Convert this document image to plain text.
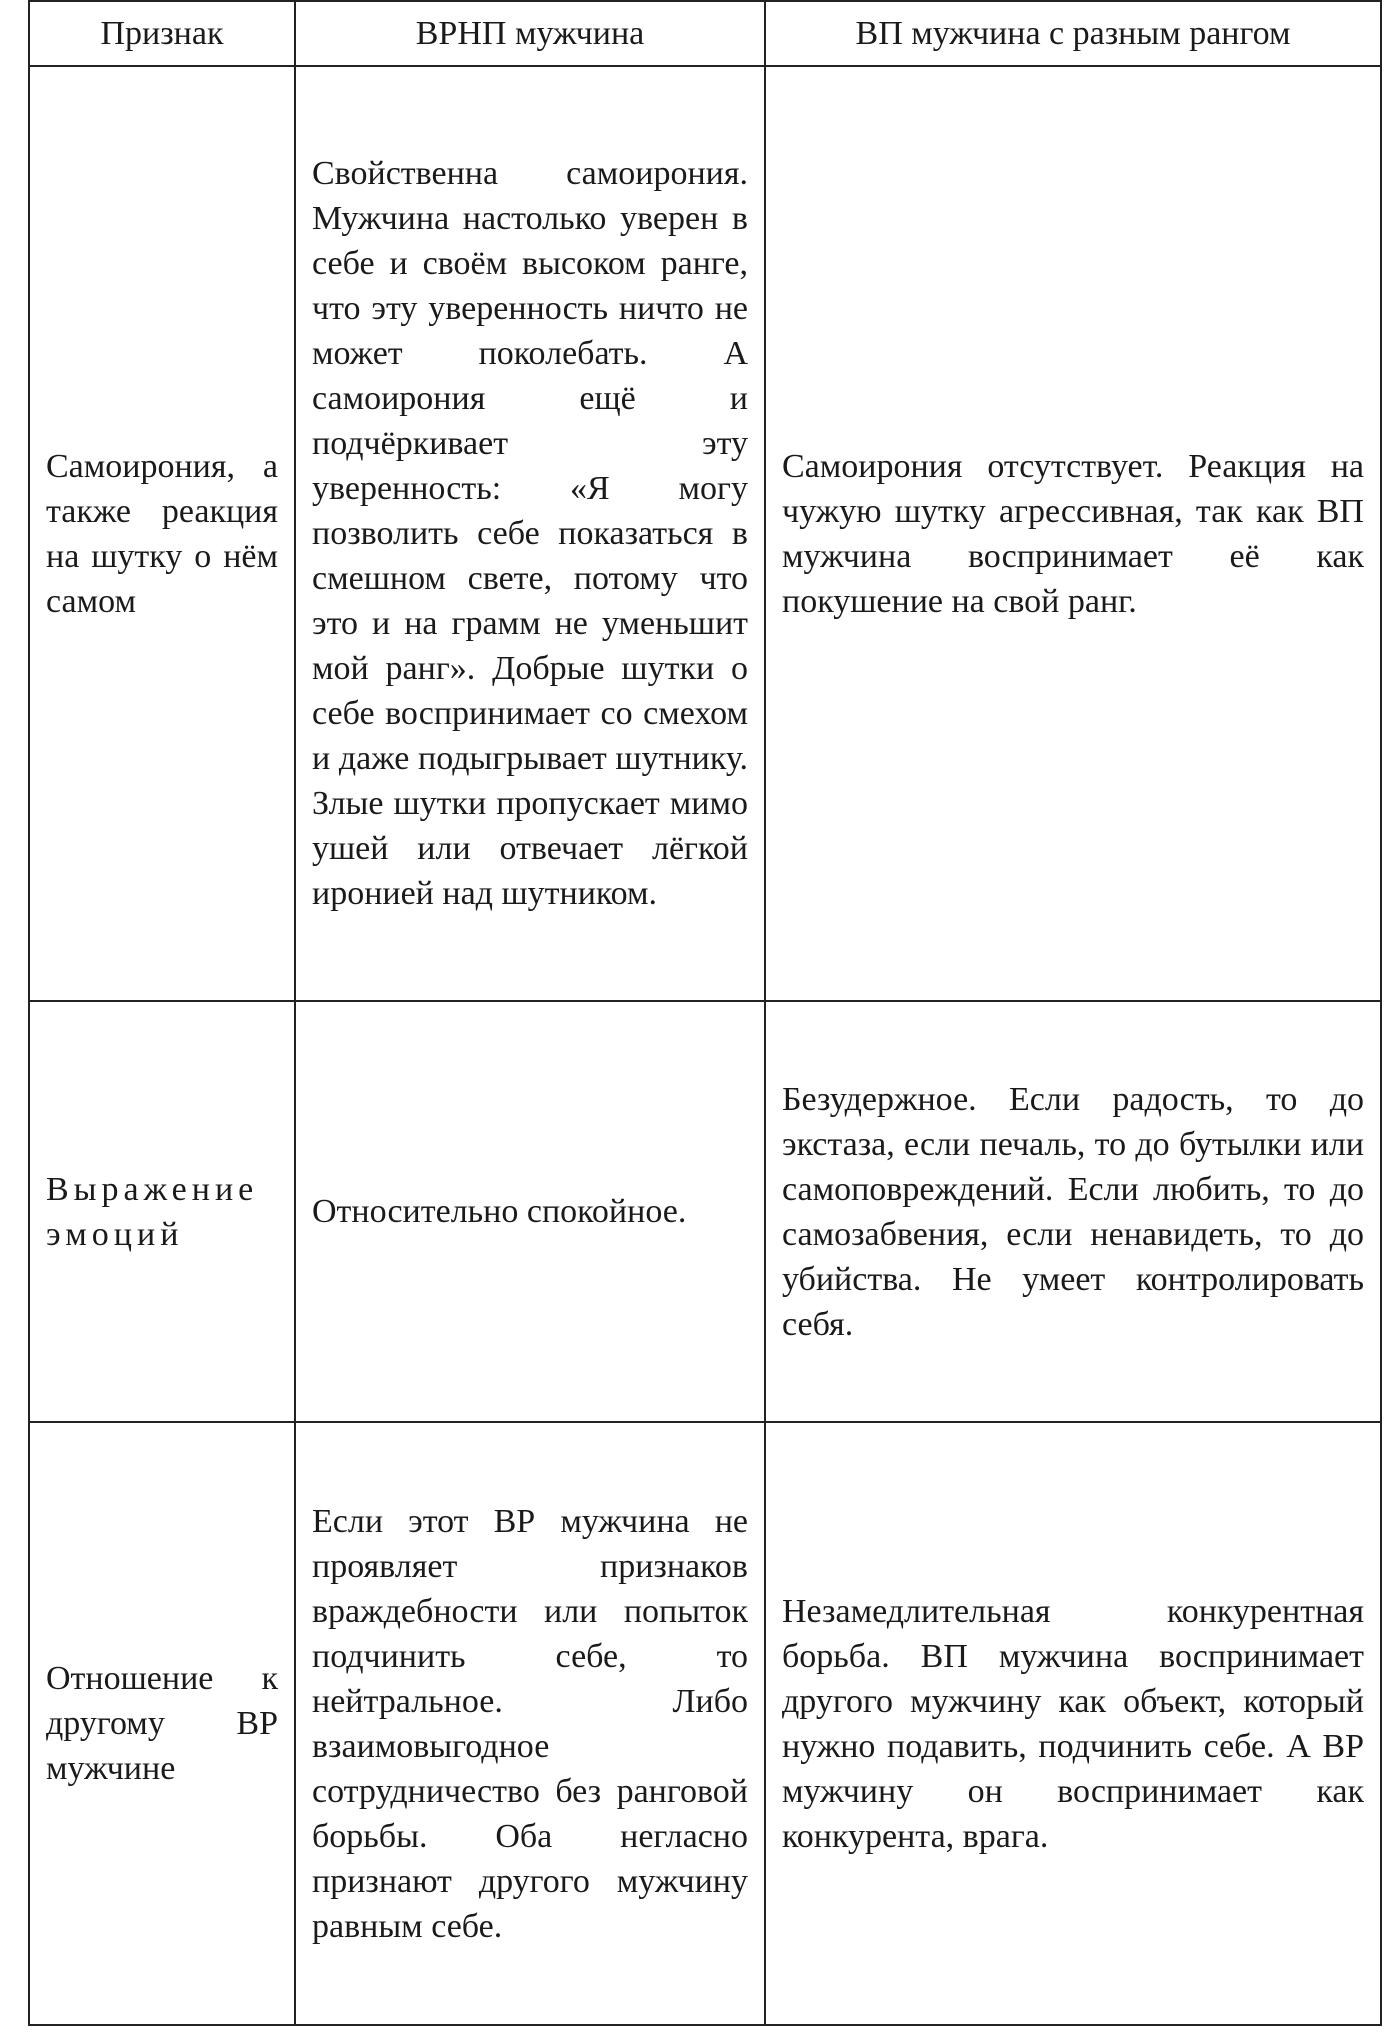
Признак	ВРНП мужчина	ВП мужчина с разным рангом
Самоирония, а также реакция на шутку о нём самом	Свойственна самоирония. Мужчина настолько уверен в себе и своём высоком ранге, что эту уверенность ничто не может поколебать. А самоирония ещё и подчёркивает эту уверенность: «Я могу позволить себе показаться в смешном свете, потому что это и на грамм не уменьшит мой ранг». Добрые шутки о себе воспринимает со смехом и даже подыгрывает шутнику. Злые шутки пропускает мимо ушей или отвечает лёгкой иронией над шутником.	Самоирония отсутствует. Реакция на чужую шутку агрессивная, так как ВП мужчина воспринимает её как покушение на свой ранг.
Выражение эмоций	Относительно спокойное.	Безудержное. Если радость, то до экстаза, если печаль, то до бутылки или самоповреждений. Если любить, то до самозабвения, если ненавидеть, то до убийства. Не умеет контролировать себя.
Отношение к другому ВР мужчине	Если этот ВР мужчина не проявляет признаков враждебности или попыток подчинить себе, то нейтральное. Либо взаимовыгодное сотрудничество без ранговой борьбы. Оба негласно признают другого мужчину равным себе.	Незамедлительная конкурентная борьба. ВП мужчина воспринимает другого мужчину как объект, который нужно подавить, подчинить себе. А ВР мужчину он воспринимает как конкурента, врага.
